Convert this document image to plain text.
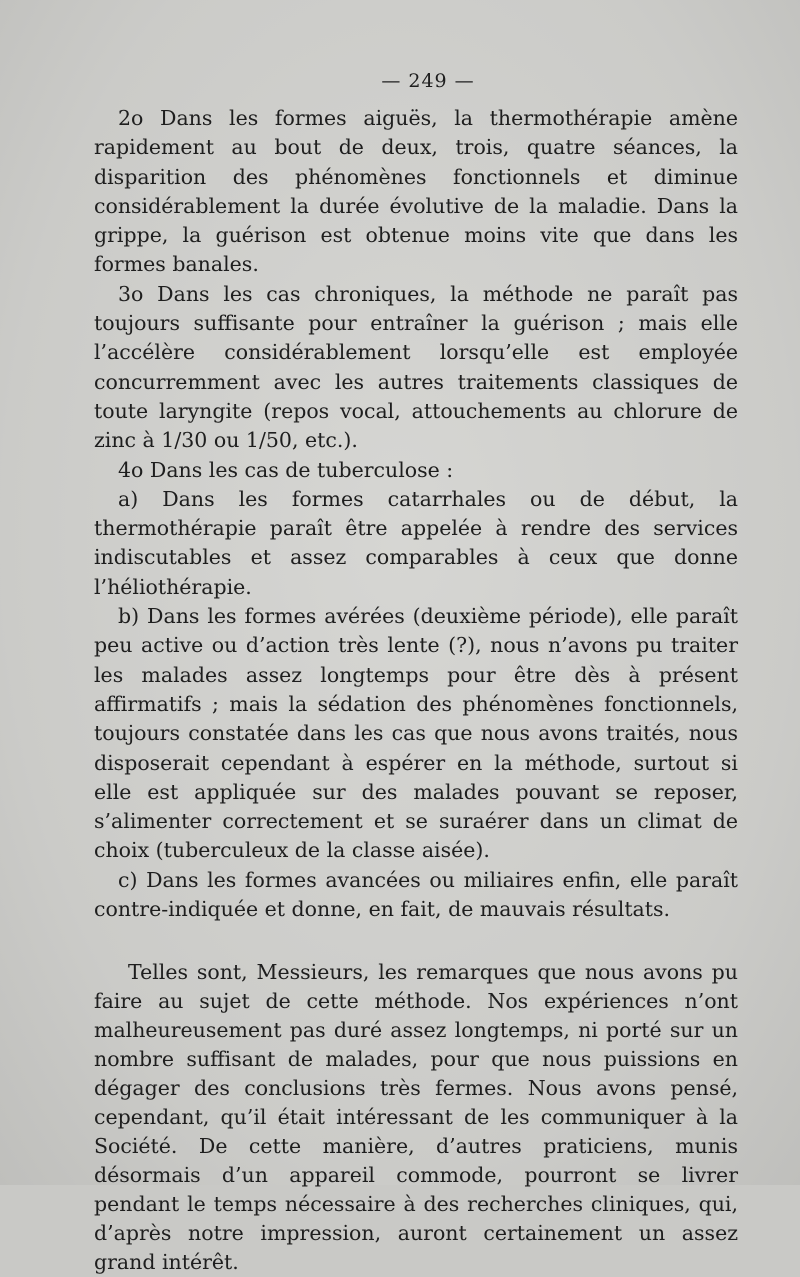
— 249 —

2o Dans les formes aiguës, la thermothérapie amène rapidement au bout de deux, trois, quatre séances, la disparition des phénomènes fonctionnels et diminue considérablement la durée évolutive de la maladie. Dans la grippe, la guérison est obtenue moins vite que dans les formes banales.

3o Dans les cas chroniques, la méthode ne paraît pas toujours suffisante pour entraîner la guérison ; mais elle l’accélère considérablement lorsqu’elle est employée concurremment avec les autres traitements classiques de toute laryngite (repos vocal, attouchements au chlorure de zinc à 1/30 ou 1/50, etc.).

4o Dans les cas de tuberculose :

a) Dans les formes catarrhales ou de début, la thermothérapie paraît être appelée à rendre des services indiscutables et assez comparables à ceux que donne l’héliothérapie.

b) Dans les formes avérées (deuxième période), elle paraît peu active ou d’action très lente (?), nous n’avons pu traiter les malades assez longtemps pour être dès à présent affirmatifs ; mais la sédation des phénomènes fonctionnels, toujours constatée dans les cas que nous avons traités, nous disposerait cependant à espérer en la méthode, surtout si elle est appliquée sur des malades pouvant se reposer, s’alimenter correctement et se suraérer dans un climat de choix (tuberculeux de la classe aisée).

c) Dans les formes avancées ou miliaires enfin, elle paraît contre-indiquée et donne, en fait, de mauvais résultats.

Telles sont, Messieurs, les remarques que nous avons pu faire au sujet de cette méthode. Nos expériences n’ont malheureusement pas duré assez longtemps, ni porté sur un nombre suffisant de malades, pour que nous puissions en dégager des conclusions très fermes. Nous avons pensé, cependant, qu’il était intéressant de les communiquer à la Société. De cette manière, d’autres praticiens, munis désormais d’un appareil commode, pourront se livrer pendant le temps nécessaire à des recherches cliniques, qui, d’après notre impression, auront certainement un assez grand intérêt.
